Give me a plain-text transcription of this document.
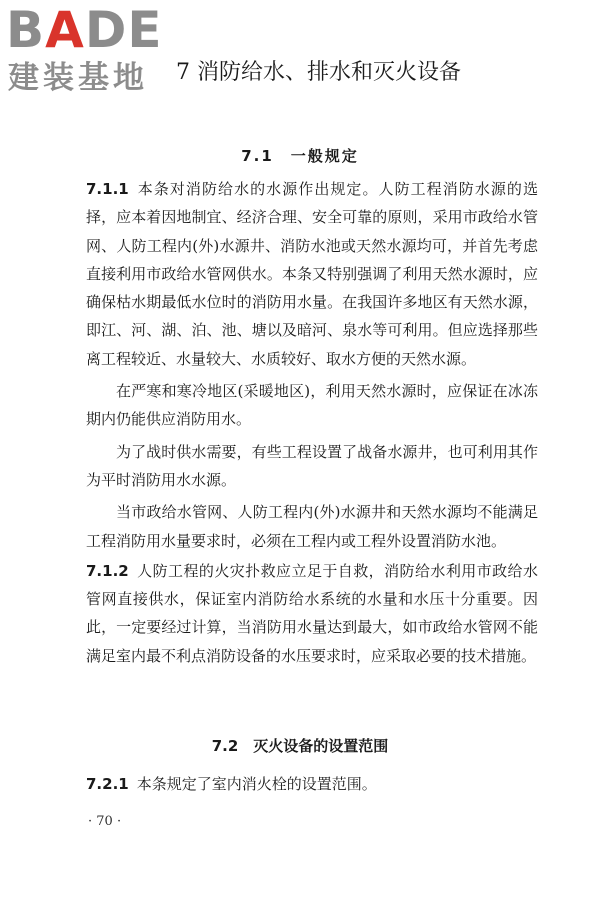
BADE
建装基地 7 消防给水、排水和灭火设备
7.1　一般规定

7.1.1 本条对消防给水的水源作出规定。人防工程消防水源的选择，应本着因地制宜、经济合理、安全可靠的原则，采用市政给水管网、人防工程内(外)水源井、消防水池或天然水源均可，并首先考虑直接利用市政给水管网供水。本条又特别强调了利用天然水源时，应确保枯水期最低水位时的消防用水量。在我国许多地区有天然水源，即江、河、湖、泊、池、塘以及暗河、泉水等可利用。但应选择那些离工程较近、水量较大、水质较好、取水方便的天然水源。

在严寒和寒冷地区(采暖地区)，利用天然水源时，应保证在冰冻期内仍能供应消防用水。

为了战时供水需要，有些工程设置了战备水源井，也可利用其作为平时消防用水水源。

当市政给水管网、人防工程内(外)水源井和天然水源均不能满足工程消防用水量要求时，必须在工程内或工程外设置消防水池。

7.1.2 人防工程的火灾扑救应立足于自救，消防给水利用市政给水管网直接供水，保证室内消防给水系统的水量和水压十分重要。因此，一定要经过计算，当消防用水量达到最大，如市政给水管网不能满足室内最不利点消防设备的水压要求时，应采取必要的技术措施。

7.2　灭火设备的设置范围

7.2.1 本条规定了室内消火栓的设置范围。

· 70 ·
